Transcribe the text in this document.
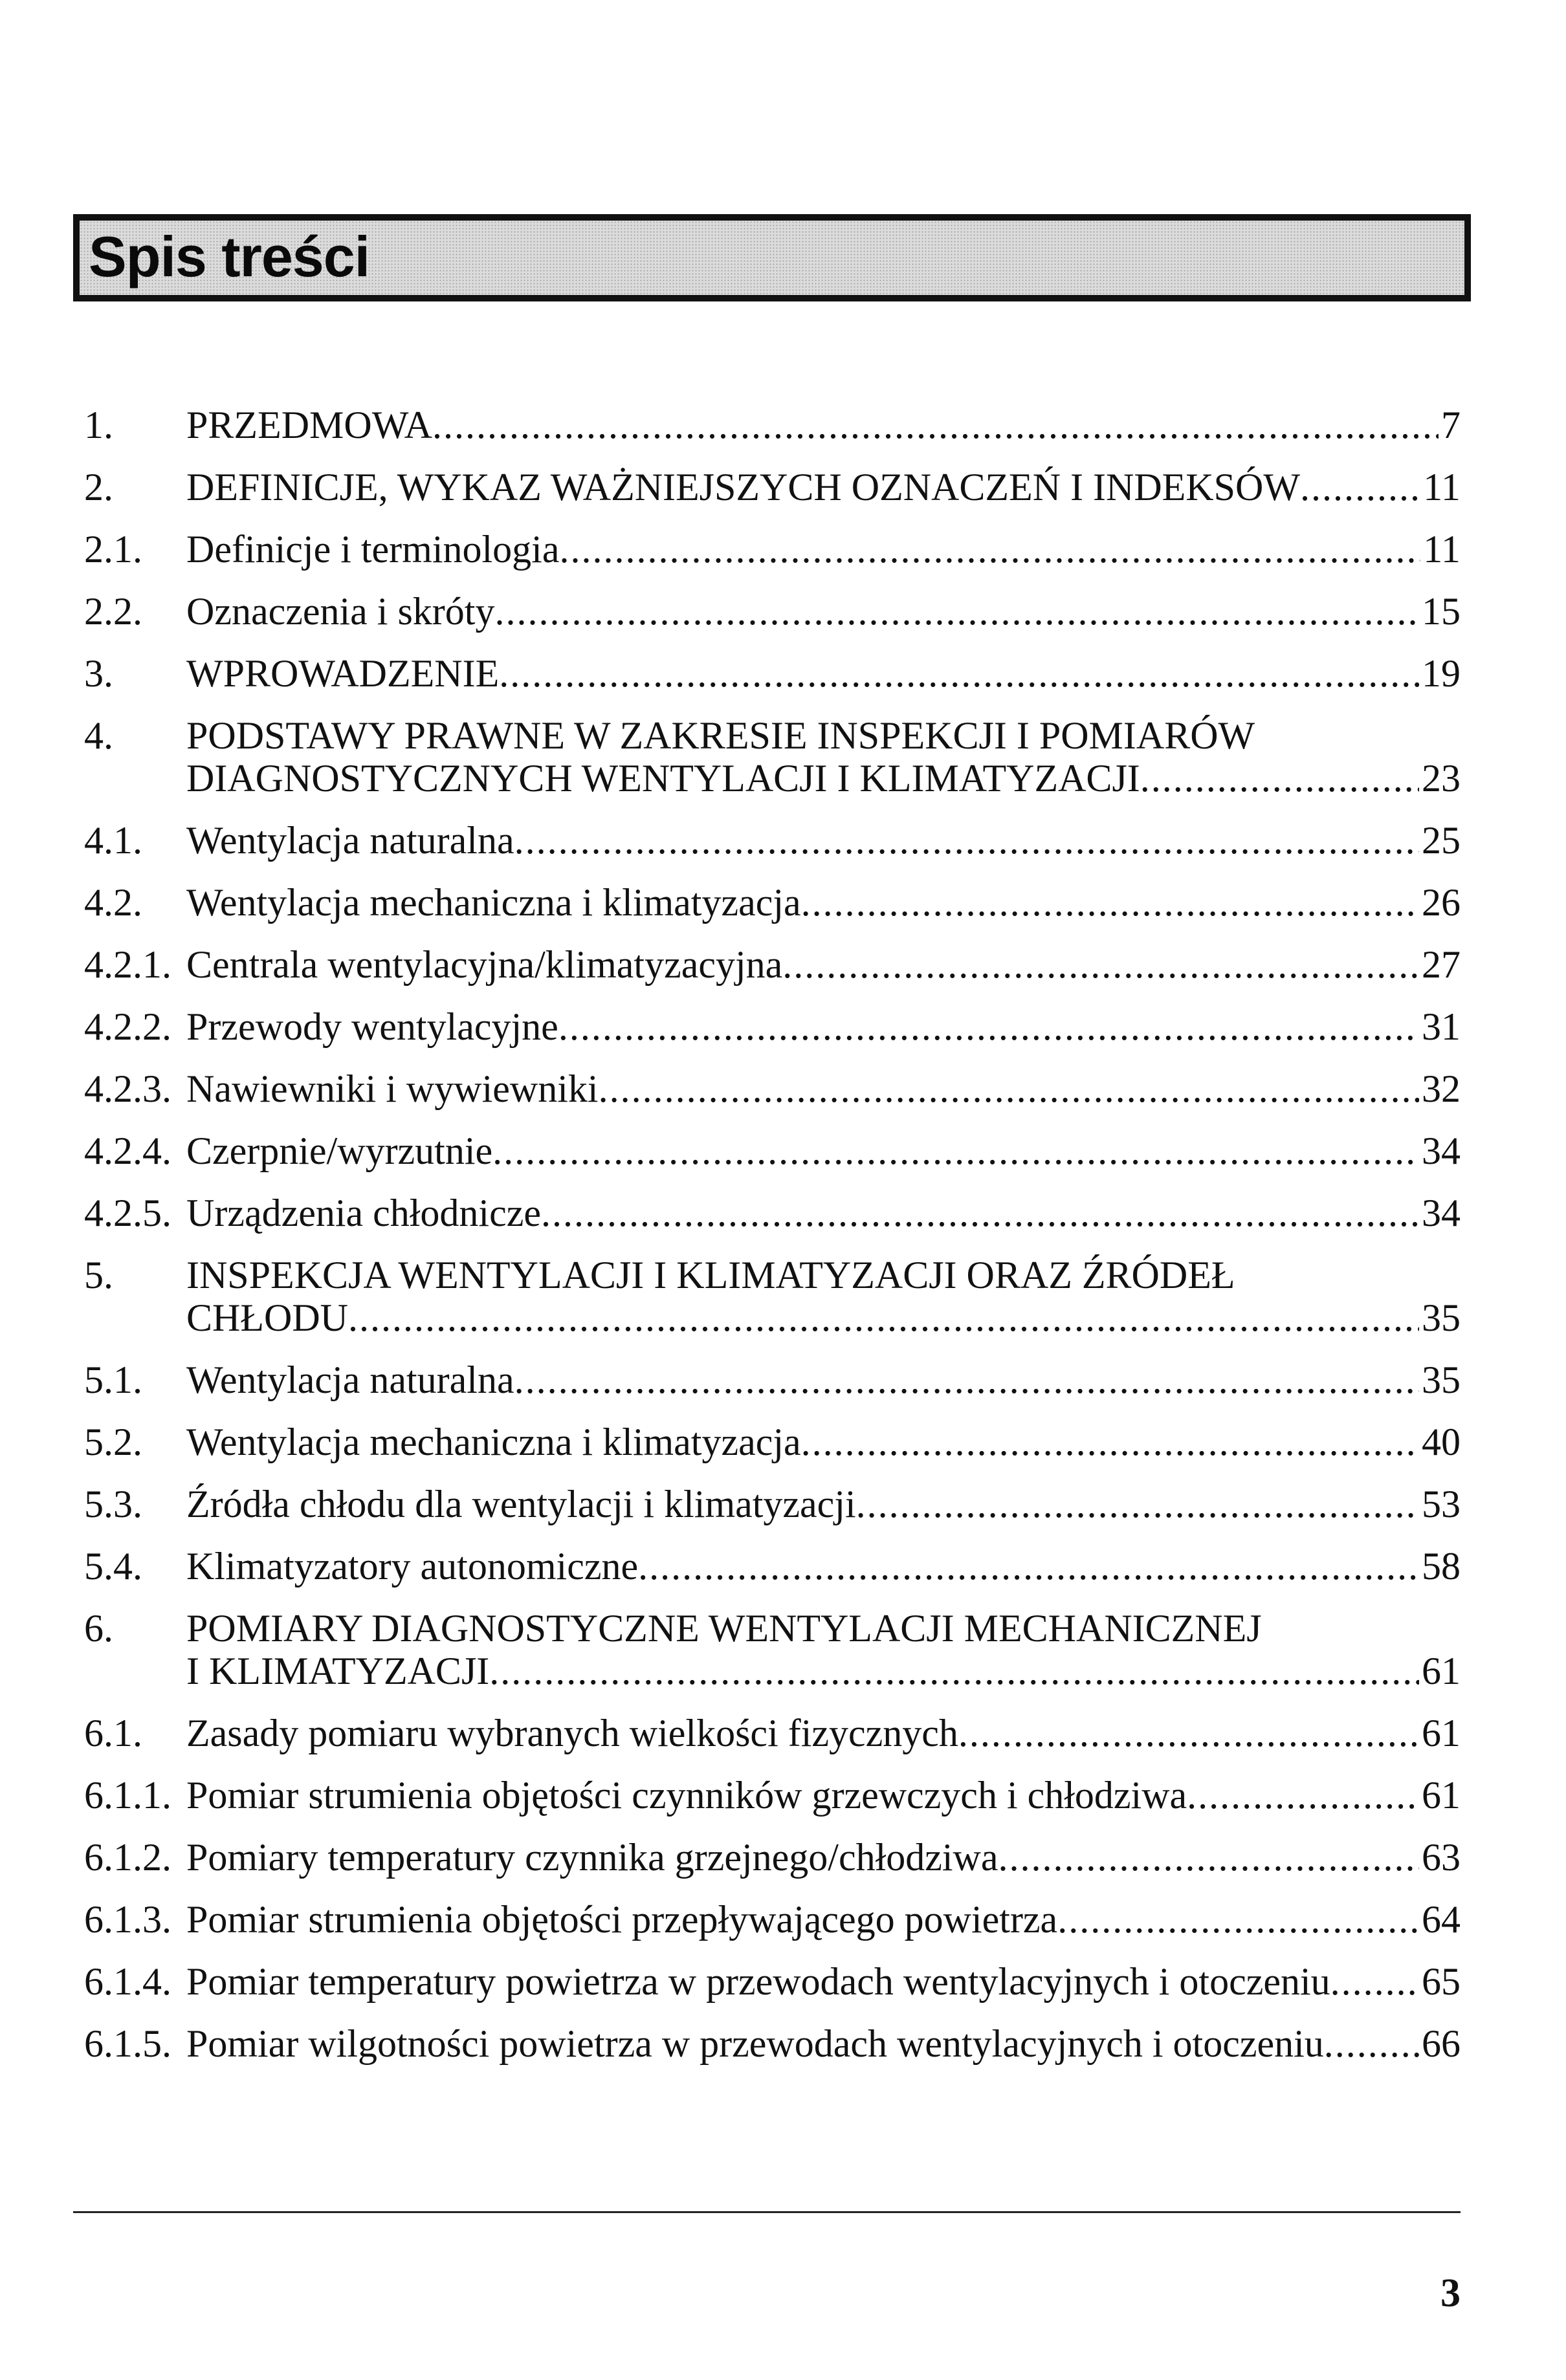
Spis treści
1.	PRZEDMOWA .....	7
2.	DEFINICJE, WYKAZ WAŻNIEJSZYCH OZNACZEŃ I INDEKSÓW .....	11
2.1.	Definicje i terminologia .....	11
2.2.	Oznaczenia i skróty .....	15
3.	WPROWADZENIE .....	19
4.	PODSTAWY PRAWNE W ZAKRESIE INSPEKCJI I POMIARÓW
DIAGNOSTYCZNYCH WENTYLACJI I KLIMATYZACJI .....	23
4.1.	Wentylacja naturalna .....	25
4.2.	Wentylacja mechaniczna i klimatyzacja .....	26
4.2.1. Centrala wentylacyjna/klimatyzacyjna .....	27
4.2.2. Przewody wentylacyjne .....	31
4.2.3. Nawiewniki i wywiewniki .....	32
4.2.4. Czerpnie/wyrzutnie .....	34
4.2.5. Urządzenia chłodnicze .....	34
5.	INSPEKCJA WENTYLACJI I KLIMATYZACJI ORAZ ŹRÓDEŁ
CHŁODU .....	35
5.1.	Wentylacja naturalna .....	35
5.2.	Wentylacja mechaniczna i klimatyzacja .....	40
5.3.	Źródła chłodu dla wentylacji i klimatyzacji .....	53
5.4.	Klimatyzatory autonomiczne .....	58
6.	POMIARY DIAGNOSTYCZNE WENTYLACJI MECHANICZNEJ
I KLIMATYZACJI .....	61
6.1.	Zasady pomiaru wybranych wielkości fizycznych .....	61
6.1.1. Pomiar strumienia objętości czynników grzewczych i chłodziwa .....	61
6.1.2. Pomiary temperatury czynnika grzejnego/chłodziwa .....	63
6.1.3. Pomiar strumienia objętości przepływającego powietrza .....	64
6.1.4. Pomiar temperatury powietrza w przewodach wentylacyjnych i otoczeniu ..... 65
6.1.5. Pomiar wilgotności powietrza w przewodach wentylacyjnych i otoczeniu .....	66
3
